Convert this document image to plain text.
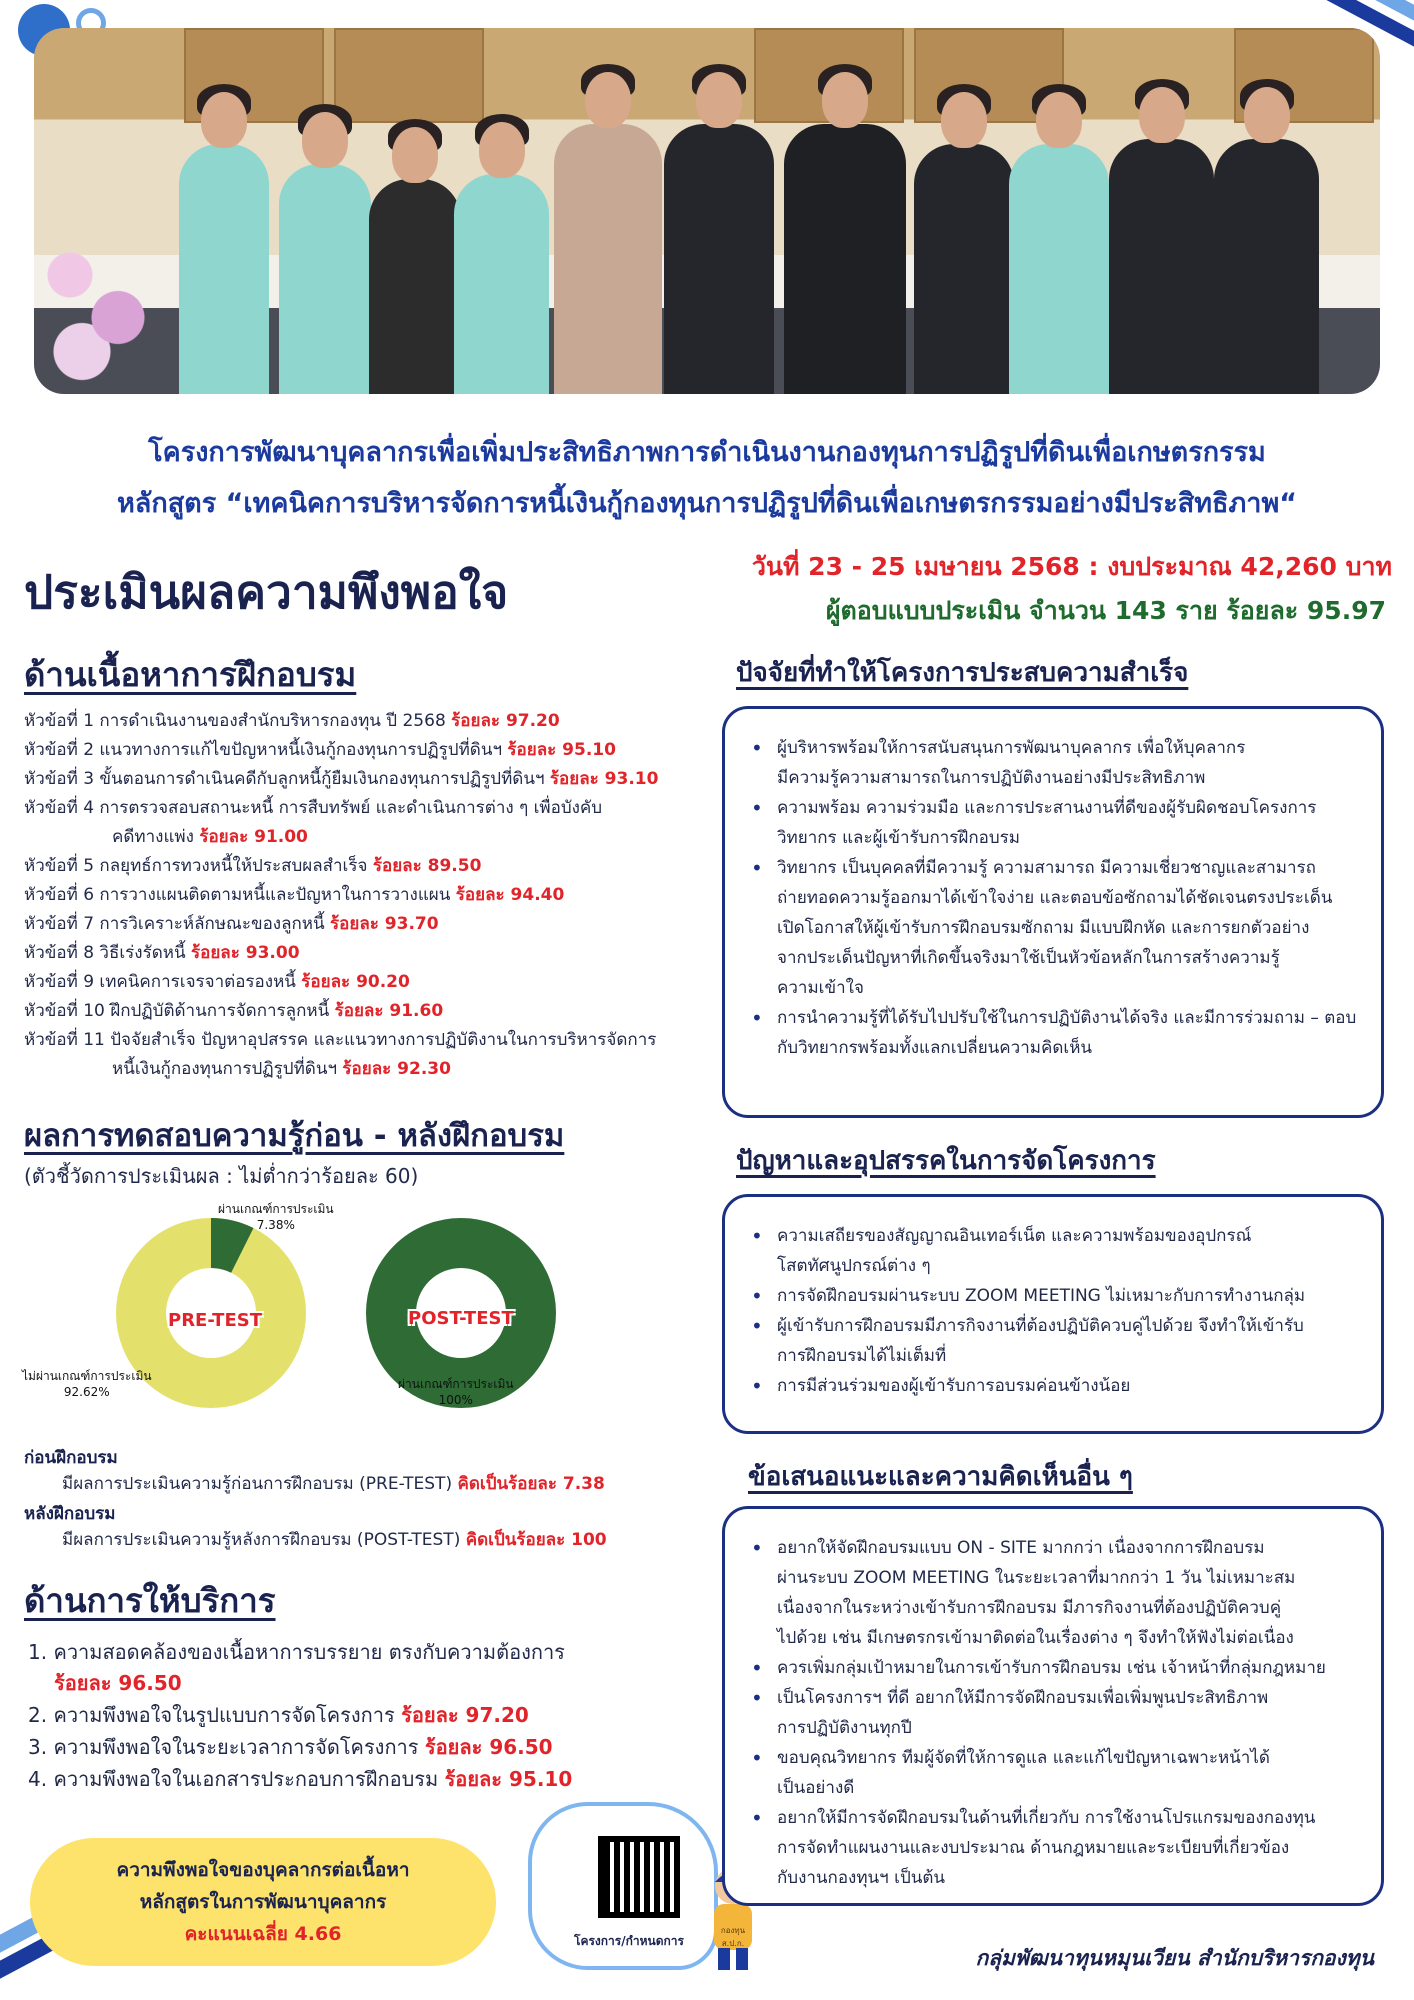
โครงการพัฒนาบุคลากรเพื่อเพิ่มประสิทธิภาพการดำเนินงานกองทุนการปฏิรูปที่ดินเพื่อเกษตรกรรม
หลักสูตร “เทคนิคการบริหารจัดการหนี้เงินกู้กองทุนการปฏิรูปที่ดินเพื่อเกษตรกรรมอย่างมีประสิทธิภาพ“
ประเมินผลความพึงพอใจ	วันที่ 23 - 25 เมษายน 2568 : งบประมาณ 42,260 บาท
ผู้ตอบแบบประเมิน จำนวน 143 ราย ร้อยละ 95.97
ด้านเนื้อหาการฝึกอบรม
หัวข้อที่ 1 การดำเนินงานของสำนักบริหารกองทุน ปี 2568 ร้อยละ 97.20
หัวข้อที่ 2 แนวทางการแก้ไขปัญหาหนี้เงินกู้กองทุนการปฏิรูปที่ดินฯ ร้อยละ 95.10
หัวข้อที่ 3 ขั้นตอนการดำเนินคดีกับลูกหนี้กู้ยืมเงินกองทุนการปฏิรูปที่ดินฯ ร้อยละ 93.10
หัวข้อที่ 4 การตรวจสอบสถานะหนี้ การสืบทรัพย์ และดำเนินการต่าง ๆ เพื่อบังคับ
คดีทางแพ่ง ร้อยละ 91.00
หัวข้อที่ 5 กลยุทธ์การทวงหนี้ให้ประสบผลสำเร็จ ร้อยละ 89.50
หัวข้อที่ 6 การวางแผนติดตามหนี้และปัญหาในการวางแผน ร้อยละ 94.40
หัวข้อที่ 7 การวิเคราะห์ลักษณะของลูกหนี้ ร้อยละ 93.70
หัวข้อที่ 8 วิธีเร่งรัดหนี้ ร้อยละ 93.00
หัวข้อที่ 9 เทคนิคการเจรจาต่อรองหนี้ ร้อยละ 90.20
หัวข้อที่ 10 ฝึกปฏิบัติด้านการจัดการลูกหนี้ ร้อยละ 91.60
หัวข้อที่ 11 ปัจจัยสำเร็จ ปัญหาอุปสรรค และแนวทางการปฏิบัติงานในการบริหารจัดการ
หนี้เงินกู้กองทุนการปฏิรูปที่ดินฯ ร้อยละ 92.30
ผลการทดสอบความรู้ก่อน - หลังฝึกอบรม
(ตัวชี้วัดการประเมินผล : ไม่ต่ำกว่าร้อยละ 60)
PRE-TEST
ผ่านเกณฑ์การประเมิน
7.38%
ไม่ผ่านเกณฑ์การประเมิน
92.62%
POST-TEST
ผ่านเกณฑ์การประเมิน
100%
ก่อนฝึกอบรม
มีผลการประเมินความรู้ก่อนการฝึกอบรม (PRE-TEST) คิดเป็นร้อยละ 7.38
หลังฝึกอบรม
มีผลการประเมินความรู้หลังการฝึกอบรม (POST-TEST) คิดเป็นร้อยละ 100
ด้านการให้บริการ
1. ความสอดคล้องของเนื้อหาการบรรยาย ตรงกับความต้องการ
ร้อยละ 96.50
2. ความพึงพอใจในรูปแบบการจัดโครงการ ร้อยละ 97.20
3. ความพึงพอใจในระยะเวลาการจัดโครงการ ร้อยละ 96.50
4. ความพึงพอใจในเอกสารประกอบการฝึกอบรม ร้อยละ 95.10
ความพึงพอใจของบุคลากรต่อเนื้อหา
หลักสูตรในการพัฒนาบุคลากร
คะแนนเฉลี่ย 4.66	โครงการ/กำหนดการ
กองทุน ส.ป.ก.
ปัจจัยที่ทำให้โครงการประสบความสำเร็จ
• ผู้บริหารพร้อมให้การสนับสนุนการพัฒนาบุคลากร เพื่อให้บุคลากร
มีความรู้ความสามารถในการปฏิบัติงานอย่างมีประสิทธิภาพ
• ความพร้อม ความร่วมมือ และการประสานงานที่ดีของผู้รับผิดชอบโครงการ
วิทยากร และผู้เข้ารับการฝึกอบรม
• วิทยากร เป็นบุคคลที่มีความรู้ ความสามารถ มีความเชี่ยวชาญและสามารถ
ถ่ายทอดความรู้ออกมาได้เข้าใจง่าย และตอบข้อซักถามได้ชัดเจนตรงประเด็น
เปิดโอกาสให้ผู้เข้ารับการฝึกอบรมซักถาม มีแบบฝึกหัด และการยกตัวอย่าง
จากประเด็นปัญหาที่เกิดขึ้นจริงมาใช้เป็นหัวข้อหลักในการสร้างความรู้
ความเข้าใจ
• การนำความรู้ที่ได้รับไปปรับใช้ในการปฏิบัติงานได้จริง และมีการร่วมถาม – ตอบ
กับวิทยากรพร้อมทั้งแลกเปลี่ยนความคิดเห็น
ปัญหาและอุปสรรคในการจัดโครงการ
• ความเสถียรของสัญญาณอินเทอร์เน็ต และความพร้อมของอุปกรณ์
โสตทัศนูปกรณ์ต่าง ๆ
• การจัดฝึกอบรมผ่านระบบ ZOOM MEETING ไม่เหมาะกับการทำงานกลุ่ม
• ผู้เข้ารับการฝึกอบรมมีภารกิจงานที่ต้องปฏิบัติควบคู่ไปด้วย จึงทำให้เข้ารับ
การฝึกอบรมได้ไม่เต็มที่
• การมีส่วนร่วมของผู้เข้ารับการอบรมค่อนข้างน้อย
ข้อเสนอแนะและความคิดเห็นอื่น ๆ
• อยากให้จัดฝึกอบรมแบบ ON - SITE มากกว่า เนื่องจากการฝึกอบรม
ผ่านระบบ ZOOM MEETING ในระยะเวลาที่มากกว่า 1 วัน ไม่เหมาะสม
เนื่องจากในระหว่างเข้ารับการฝึกอบรม มีภารกิจงานที่ต้องปฏิบัติควบคู่
ไปด้วย เช่น มีเกษตรกรเข้ามาติดต่อในเรื่องต่าง ๆ จึงทำให้ฟังไม่ต่อเนื่อง
• ควรเพิ่มกลุ่มเป้าหมายในการเข้ารับการฝึกอบรม เช่น เจ้าหน้าที่กลุ่มกฎหมาย
• เป็นโครงการฯ ที่ดี อยากให้มีการจัดฝึกอบรมเพื่อเพิ่มพูนประสิทธิภาพ
การปฏิบัติงานทุกปี
• ขอบคุณวิทยากร ทีมผู้จัดที่ให้การดูแล และแก้ไขปัญหาเฉพาะหน้าได้
เป็นอย่างดี
• อยากให้มีการจัดฝึกอบรมในด้านที่เกี่ยวกับ การใช้งานโปรแกรมของกองทุน
การจัดทำแผนงานและงบประมาณ ด้านกฎหมายและระเบียบที่เกี่ยวข้อง
กับงานกองทุนฯ เป็นต้น
กลุ่มพัฒนาทุนหมุนเวียน สำนักบริหารกองทุน
